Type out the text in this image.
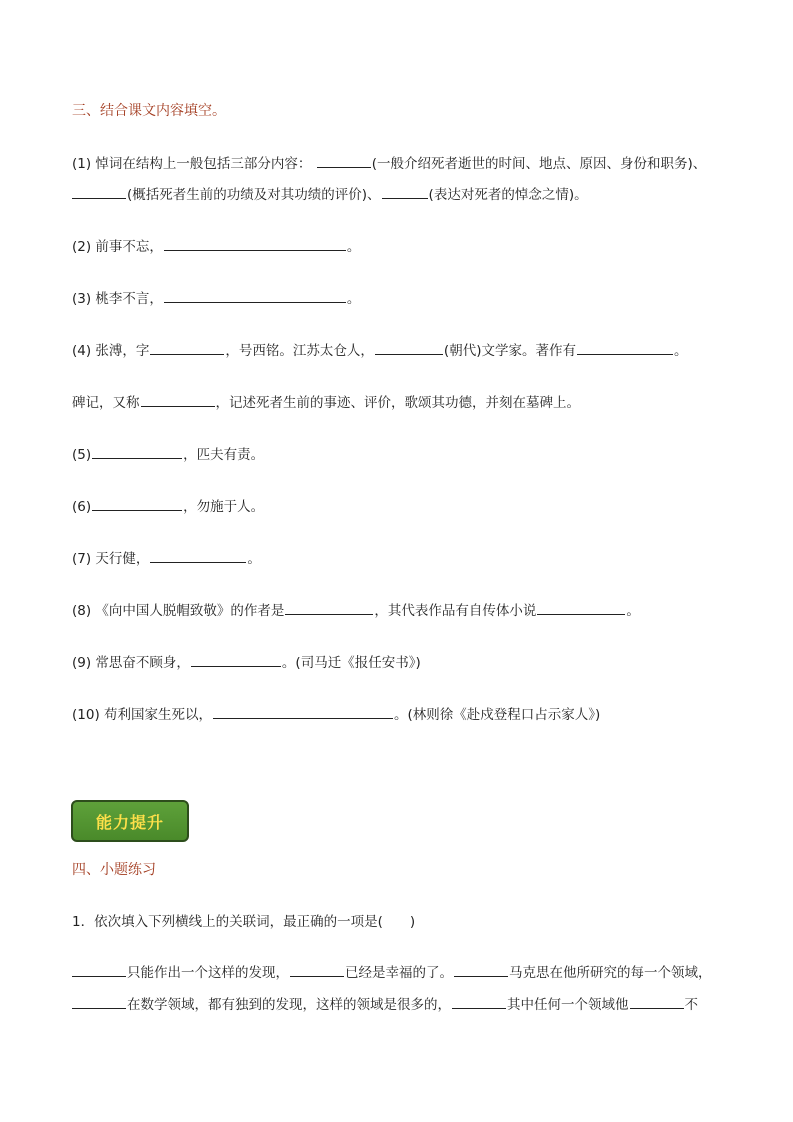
三、结合课文内容填空。
(1) 悼词在结构上一般包括三部分内容：	(一般介绍死者逝世的时间、地点、原因、身份和职务)、
(概括死者生前的功绩及对其功绩的评价)、	(表达对死者的悼念之情)。
(2) 前事不忘，	。
(3) 桃李不言，	。
(4) 张溥，字	，号西铭。江苏太仓人，	(朝代)文学家。著作有	。
碑记，又称	，记述死者生前的事迹、评价，歌颂其功德，并刻在墓碑上。
(5)	，匹夫有责。
(6)	，勿施于人。
(7) 天行健，	。
(8) 《向中国人脱帽致敬》的作者是	，其代表作品有自传体小说	。
(9) 常思奋不顾身，	。(司马迁《报任安书》)
(10) 苟利国家生死以，	。(林则徐《赴戍登程口占示家人》)
能力提升
四、小题练习
1．依次填入下列横线上的关联词，最正确的一项是(　　)
只能作出一个这样的发现，	已经是幸福的了。	马克思在他所研究的每一个领域，
在数学领域，都有独到的发现，这样的领域是很多的，	其中任何一个领域他	不
